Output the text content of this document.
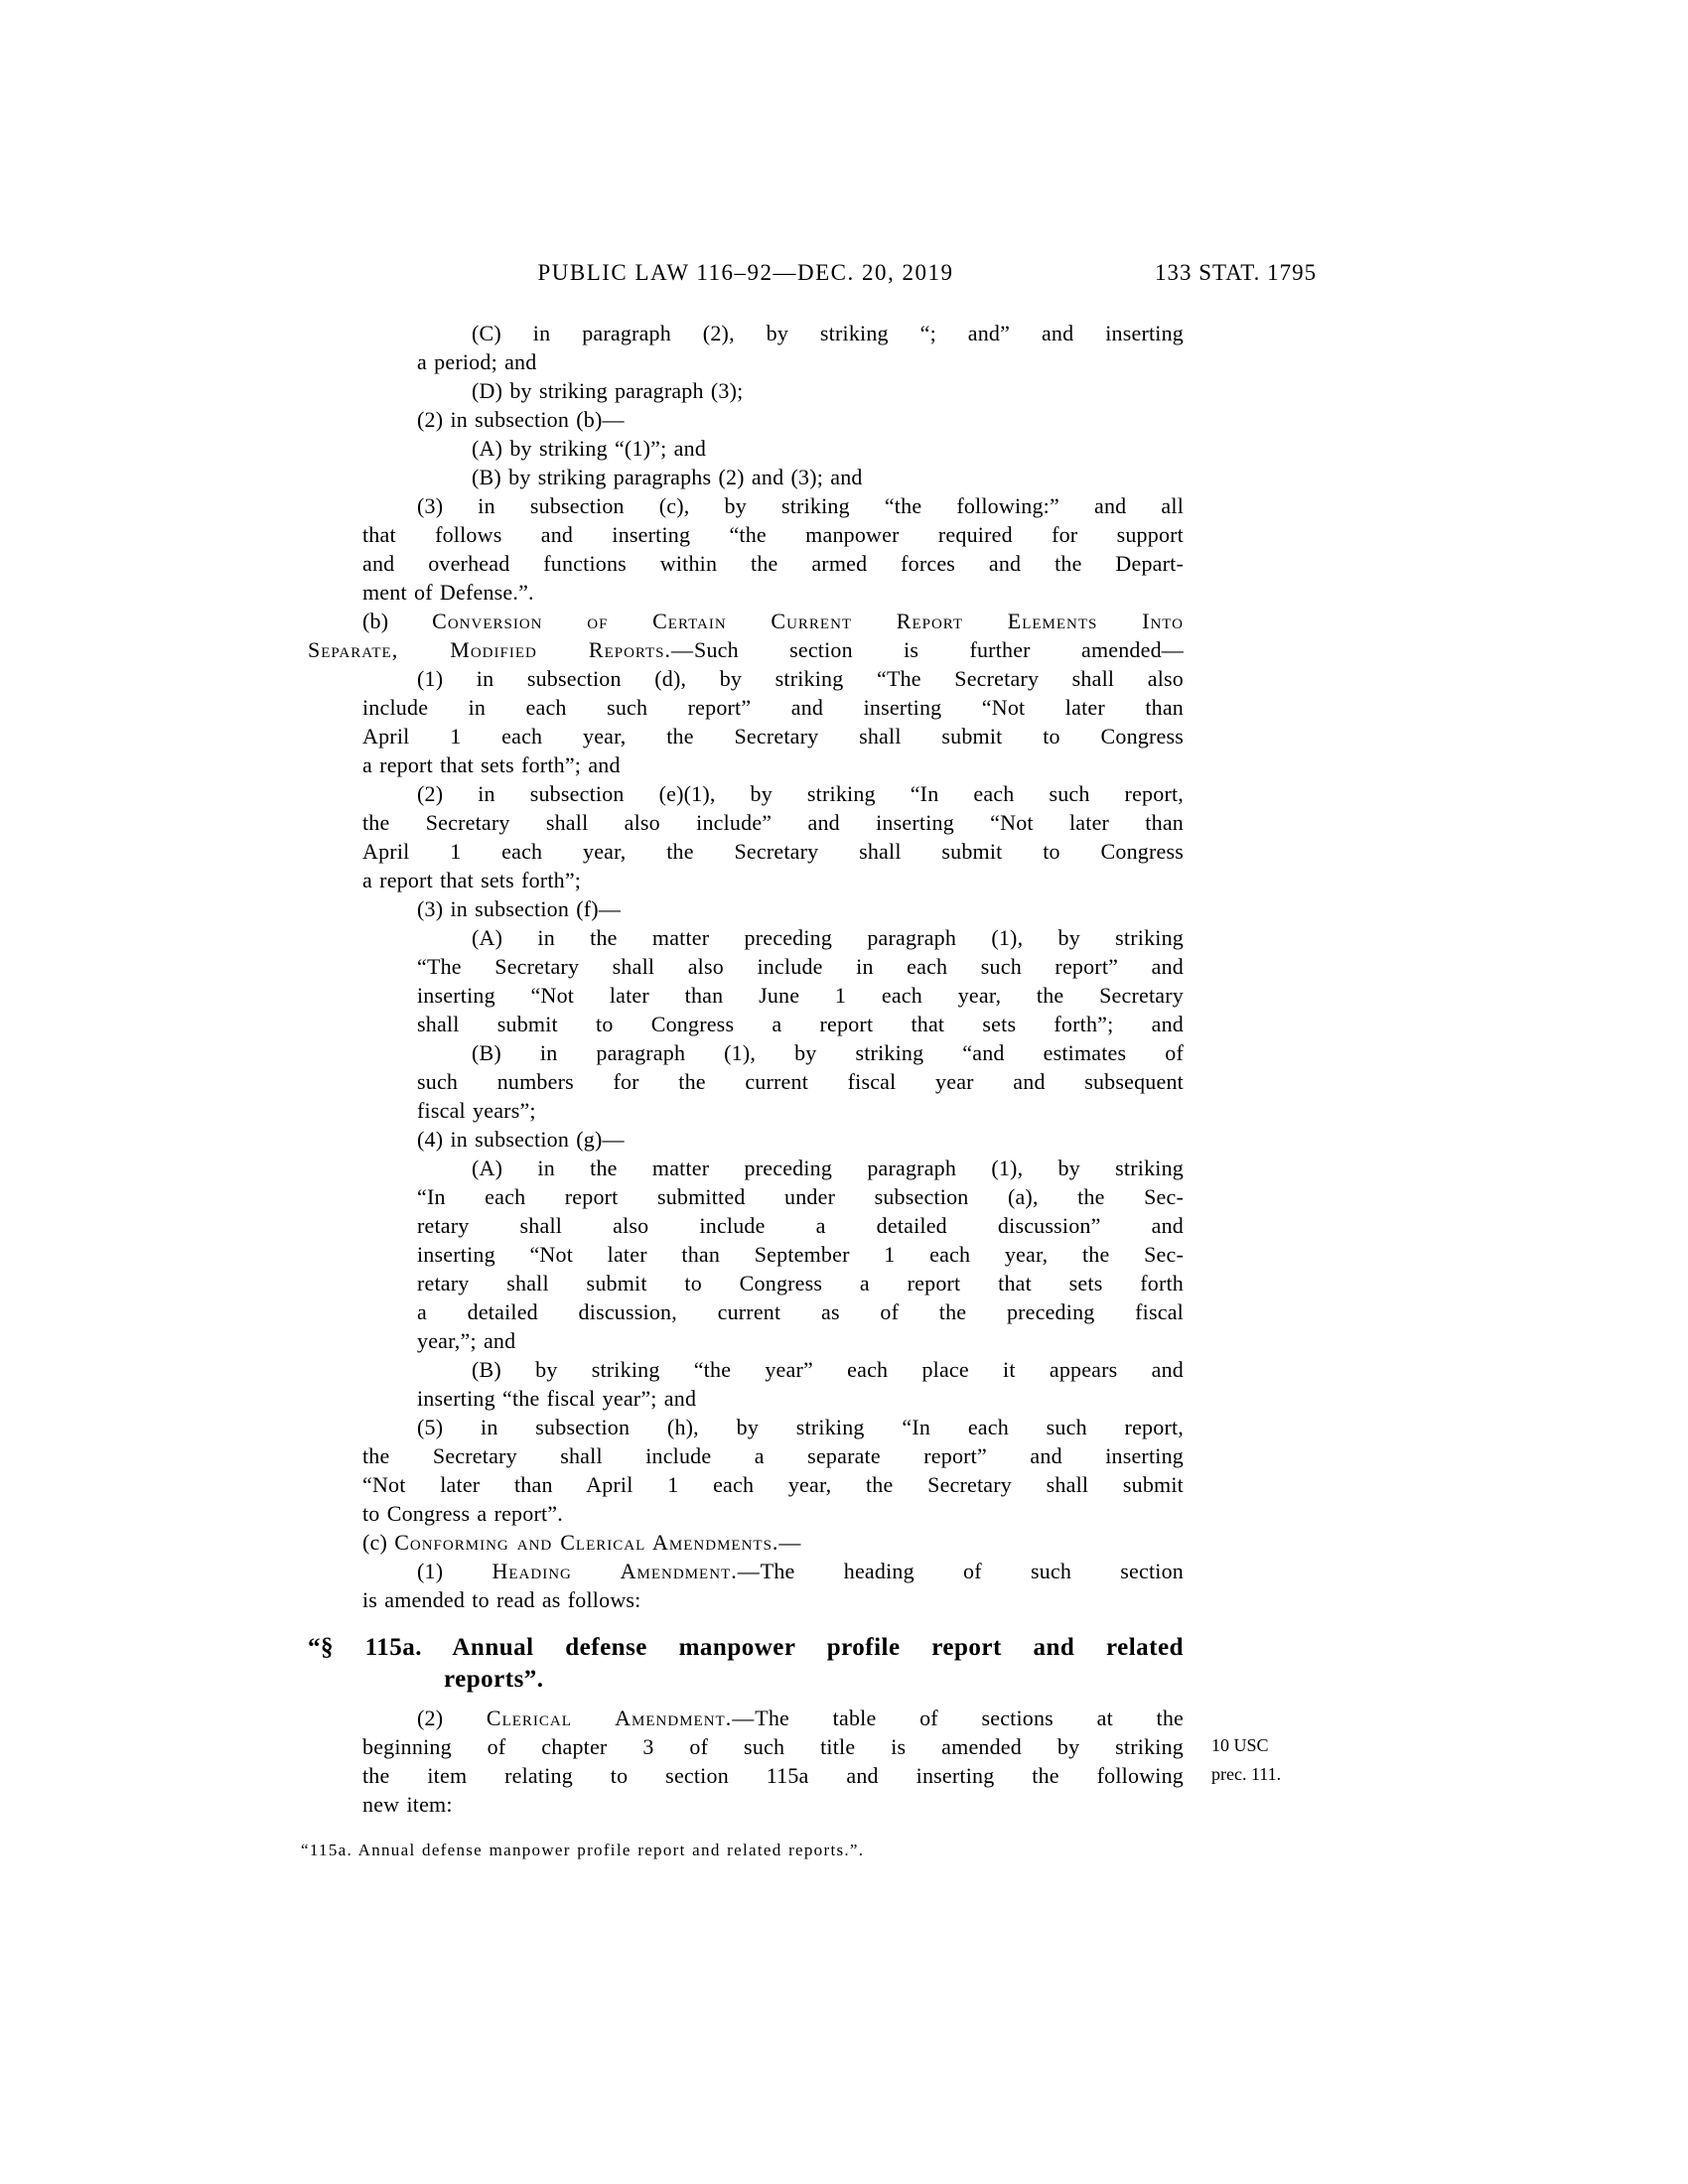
PUBLIC LAW 116–92—DEC. 20, 2019	133 STAT. 1795
(C) in paragraph (2), by striking “; and” and inserting
a period; and
(D) by striking paragraph (3);
(2) in subsection (b)—
(A) by striking “(1)”; and
(B) by striking paragraphs (2) and (3); and
(3) in subsection (c), by striking “the following:” and all
that follows and inserting “the manpower required for support
and overhead functions within the armed forces and the Depart-
ment of Defense.”.
(b) Conversion of Certain Current Report Elements Into
Separate, Modified Reports.—Such section is further amended—
(1) in subsection (d), by striking “The Secretary shall also
include in each such report” and inserting “Not later than
April 1 each year, the Secretary shall submit to Congress
a report that sets forth”; and
(2) in subsection (e)(1), by striking “In each such report,
the Secretary shall also include” and inserting “Not later than
April 1 each year, the Secretary shall submit to Congress
a report that sets forth”;
(3) in subsection (f)—
(A) in the matter preceding paragraph (1), by striking
“The Secretary shall also include in each such report” and
inserting “Not later than June 1 each year, the Secretary
shall submit to Congress a report that sets forth”; and
(B) in paragraph (1), by striking “and estimates of
such numbers for the current fiscal year and subsequent
fiscal years”;
(4) in subsection (g)—
(A) in the matter preceding paragraph (1), by striking
“In each report submitted under subsection (a), the Sec-
retary shall also include a detailed discussion” and
inserting “Not later than September 1 each year, the Sec-
retary shall submit to Congress a report that sets forth
a detailed discussion, current as of the preceding fiscal
year,”; and
(B) by striking “the year” each place it appears and
inserting “the fiscal year”; and
(5) in subsection (h), by striking “In each such report,
the Secretary shall include a separate report” and inserting
“Not later than April 1 each year, the Secretary shall submit
to Congress a report”.
(c) Conforming and Clerical Amendments.—
(1) Heading Amendment.—The heading of such section
is amended to read as follows:
“§ 115a. Annual defense manpower profile report and related
reports”.
(2) Clerical Amendment.—The table of sections at the
beginning of chapter 3 of such title is amended by striking
the item relating to section 115a and inserting the following
new item:
“115a. Annual defense manpower profile report and related reports.”.
10 USC
prec. 111.
